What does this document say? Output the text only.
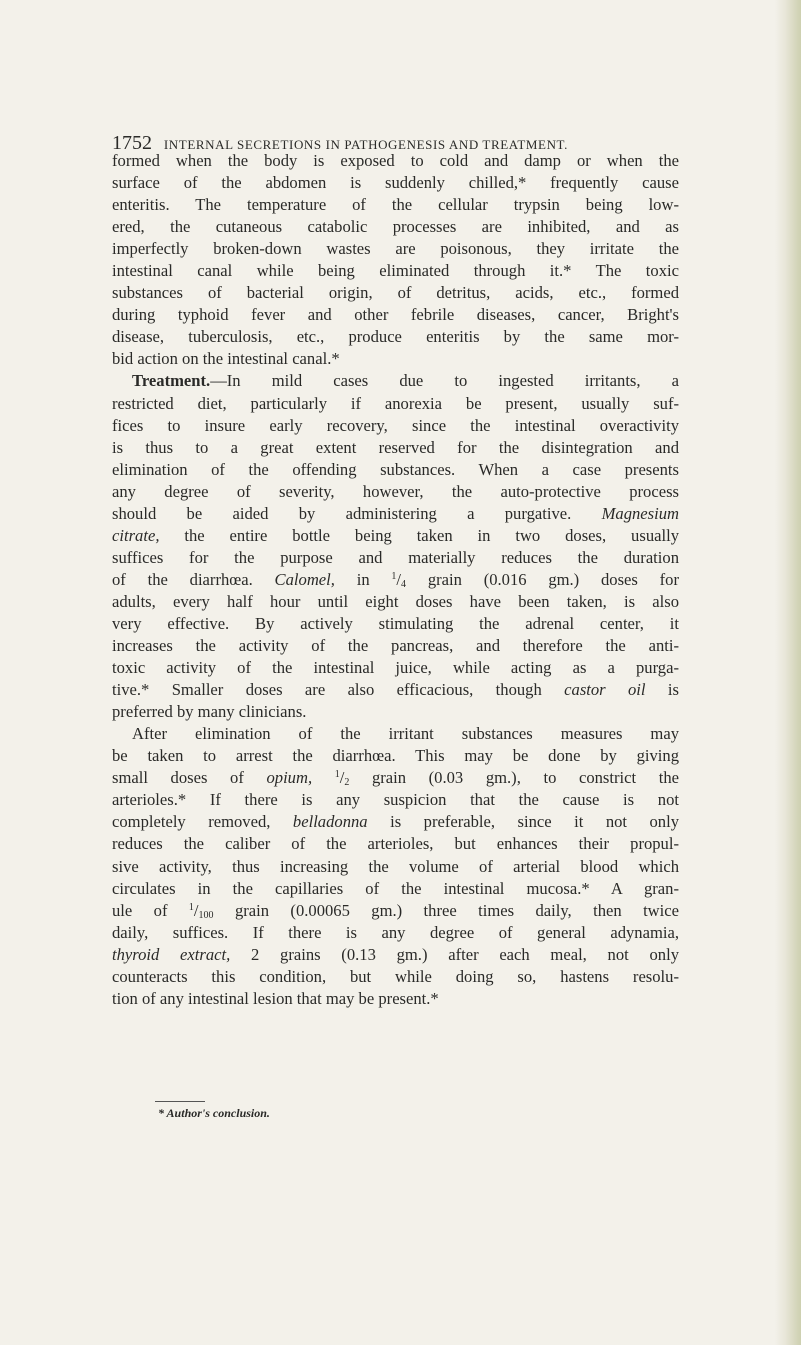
1752 INTERNAL SECRETIONS IN PATHOGENESIS AND TREATMENT.
formed when the body is exposed to cold and damp or when the
surface of the abdomen is suddenly chilled,* frequently cause
enteritis. The temperature of the cellular trypsin being low-
ered, the cutaneous catabolic processes are inhibited, and as
imperfectly broken-down wastes are poisonous, they irritate the
intestinal canal while being eliminated through it.* The toxic
substances of bacterial origin, of detritus, acids, etc., formed
during typhoid fever and other febrile diseases, cancer, Bright's
disease, tuberculosis, etc., produce enteritis by the same mor-
bid action on the intestinal canal.*
Treatment.—In mild cases due to ingested irritants, a
restricted diet, particularly if anorexia be present, usually suf-
fices to insure early recovery, since the intestinal overactivity
is thus to a great extent reserved for the disintegration and
elimination of the offending substances. When a case presents
any degree of severity, however, the auto-protective process
should be aided by administering a purgative. Magnesium
citrate, the entire bottle being taken in two doses, usually
suffices for the purpose and materially reduces the duration
of the diarrhœa. Calomel, in $^1/_4$ grain (0.016 gm.) doses for
adults, every half hour until eight doses have been taken, is also
very effective. By actively stimulating the adrenal center, it
increases the activity of the pancreas, and therefore the anti-
toxic activity of the intestinal juice, while acting as a purga-
tive.* Smaller doses are also efficacious, though castor oil is
preferred by many clinicians.
After elimination of the irritant substances measures may
be taken to arrest the diarrhœa. This may be done by giving
small doses of opium, $^1/_2$ grain (0.03 gm.), to constrict the
arterioles.* If there is any suspicion that the cause is not
completely removed, belladonna is preferable, since it not only
reduces the caliber of the arterioles, but enhances their propul-
sive activity, thus increasing the volume of arterial blood which
circulates in the capillaries of the intestinal mucosa.* A gran-
ule of $^1/_{100}$ grain (0.00065 gm.) three times daily, then twice
daily, suffices. If there is any degree of general adynamia,
thyroid extract, 2 grains (0.13 gm.) after each meal, not only
counteracts this condition, but while doing so, hastens resolu-
tion of any intestinal lesion that may be present.*
* Author's conclusion.
